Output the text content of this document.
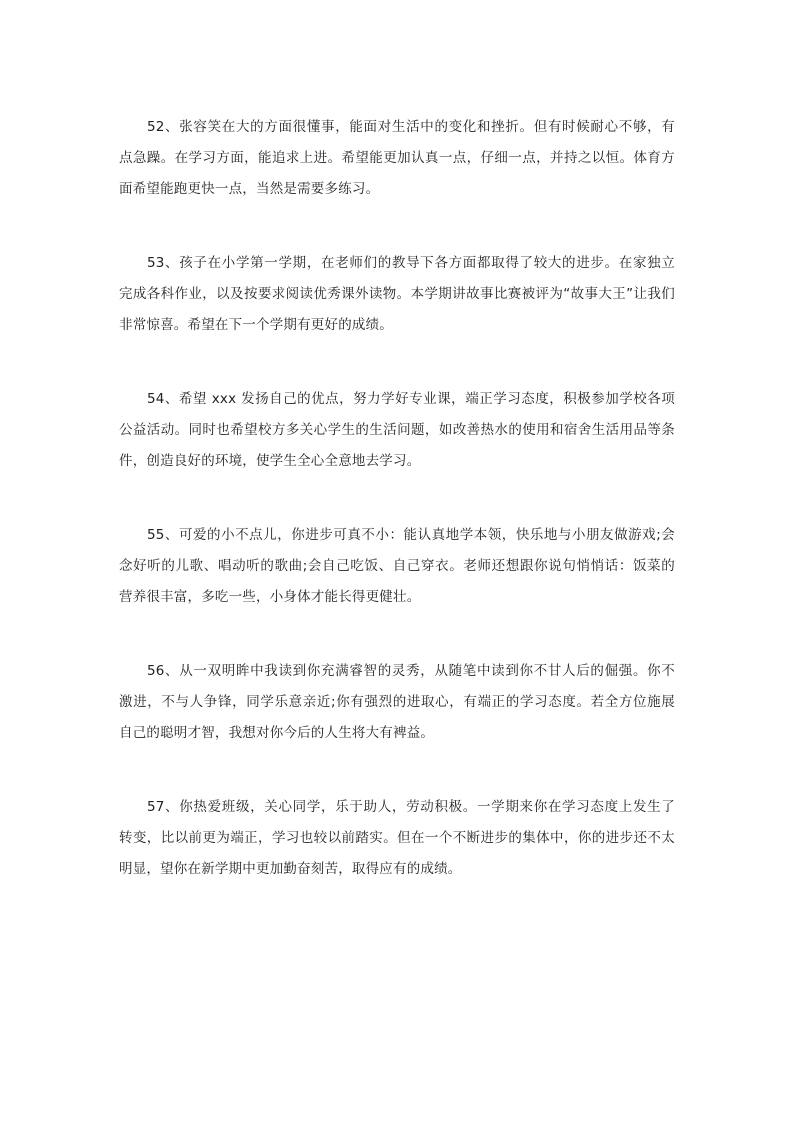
52、张容笑在大的方面很懂事，能面对生活中的变化和挫折。但有时候耐心不够，有
点急躁。在学习方面，能追求上进。希望能更加认真一点，仔细一点，并持之以恒。体育方
面希望能跑更快一点，当然是需要多练习。

53、孩子在小学第一学期，在老师们的教导下各方面都取得了较大的进步。在家独立
完成各科作业，以及按要求阅读优秀课外读物。本学期讲故事比赛被评为“故事大王”让我们
非常惊喜。希望在下一个学期有更好的成绩。

54、希望 xxx 发扬自己的优点，努力学好专业课，端正学习态度，积极参加学校各项
公益活动。同时也希望校方多关心学生的生活问题，如改善热水的使用和宿舍生活用品等条
件，创造良好的环境，使学生全心全意地去学习。

55、可爱的小不点儿，你进步可真不小：能认真地学本领，快乐地与小朋友做游戏;会
念好听的儿歌、唱动听的歌曲;会自己吃饭、自己穿衣。老师还想跟你说句悄悄话：饭菜的
营养很丰富，多吃一些，小身体才能长得更健壮。

56、从一双明眸中我读到你充满睿智的灵秀，从随笔中读到你不甘人后的倔强。你不
激进，不与人争锋，同学乐意亲近;你有强烈的进取心，有端正的学习态度。若全方位施展
自己的聪明才智，我想对你今后的人生将大有裨益。

57、你热爱班级，关心同学，乐于助人，劳动积极。一学期来你在学习态度上发生了
转变，比以前更为端正，学习也较以前踏实。但在一个不断进步的集体中，你的进步还不太
明显，望你在新学期中更加勤奋刻苦，取得应有的成绩。
